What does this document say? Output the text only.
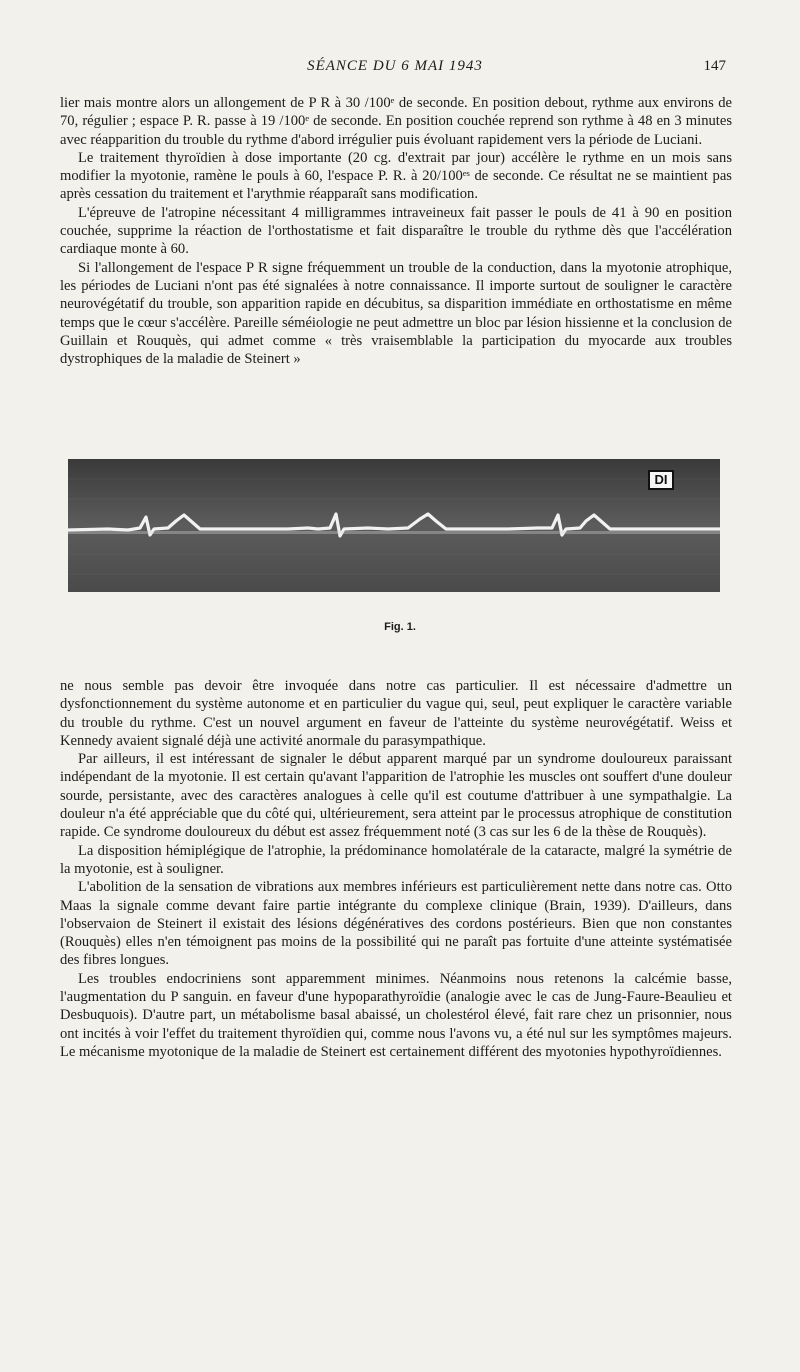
SÉANCE DU 6 MAI 1943	147

lier mais montre alors un allongement de P R à 30 /100ᵉ de seconde. En position debout, rythme aux environs de 70, régulier ; espace P. R. passe à 19 /100ᵉ de seconde. En position couchée reprend son rythme à 48 en 3 minutes avec réapparition du trouble du rythme d'abord irrégulier puis évoluant rapidement vers la période de Luciani.

Le traitement thyroïdien à dose importante (20 cg. d'extrait par jour) accélère le rythme en un mois sans modifier la myotonie, ramène le pouls à 60, l'espace P. R. à 20/100ᵉˢ de seconde. Ce résultat ne se maintient pas après cessation du traitement et l'arythmie réapparaît sans modification.

L'épreuve de l'atropine nécessitant 4 milligrammes intraveineux fait passer le pouls de 41 à 90 en position couchée, supprime la réaction de l'orthostatisme et fait disparaître le trouble du rythme dès que l'accélération cardiaque monte à 60.

Si l'allongement de l'espace P R signe fréquemment un trouble de la conduction, dans la myotonie atrophique, les périodes de Luciani n'ont pas été signalées à notre connaissance. Il importe surtout de souligner le caractère neurovégétatif du trouble, son apparition rapide en décubitus, sa disparition immédiate en orthostatisme en même temps que le cœur s'accélère. Pareille séméiologie ne peut admettre un bloc par lésion hissienne et la conclusion de Guillain et Rouquès, qui admet comme « très vraisemblable la participation du myocarde aux troubles dystrophiques de la maladie de Steinert »

DI
Fig. 1.

ne nous semble pas devoir être invoquée dans notre cas particulier. Il est nécessaire d'admettre un dysfonctionnement du système autonome et en particulier du vague qui, seul, peut expliquer le caractère variable du trouble du rythme. C'est un nouvel argument en faveur de l'atteinte du système neurovégétatif. Weiss et Kennedy avaient signalé déjà une activité anormale du parasympathique.

Par ailleurs, il est intéressant de signaler le début apparent marqué par un syndrome douloureux paraissant indépendant de la myotonie. Il est certain qu'avant l'apparition de l'atrophie les muscles ont souffert d'une douleur sourde, persistante, avec des caractères analogues à celle qu'il est coutume d'attribuer à une sympathalgie. La douleur n'a été appréciable que du côté qui, ultérieurement, sera atteint par le processus atrophique de constitution rapide. Ce syndrome douloureux du début est assez fréquemment noté (3 cas sur les 6 de la thèse de Rouquès).

La disposition hémiplégique de l'atrophie, la prédominance homolatérale de la cataracte, malgré la symétrie de la myotonie, est à souligner.

L'abolition de la sensation de vibrations aux membres inférieurs est particulièrement nette dans notre cas. Otto Maas la signale comme devant faire partie intégrante du complexe clinique (Brain, 1939). D'ailleurs, dans l'observaion de Steinert il existait des lésions dégénératives des cordons postérieurs. Bien que non constantes (Rouquès) elles n'en témoignent pas moins de la possibilité qui ne paraît pas fortuite d'une atteinte systématisée des fibres longues.

Les troubles endocriniens sont apparemment minimes. Néanmoins nous retenons la calcémie basse, l'augmentation du P sanguin. en faveur d'une hypoparathyroïdie (analogie avec le cas de Jung-Faure-Beaulieu et Desbuquois). D'autre part, un métabolisme basal abaissé, un cholestérol élevé, fait rare chez un prisonnier, nous ont incités à voir l'effet du traitement thyroïdien qui, comme nous l'avons vu, a été nul sur les symptômes majeurs. Le mécanisme myotonique de la maladie de Steinert est certainement différent des myotonies hypothyroïdiennes.
